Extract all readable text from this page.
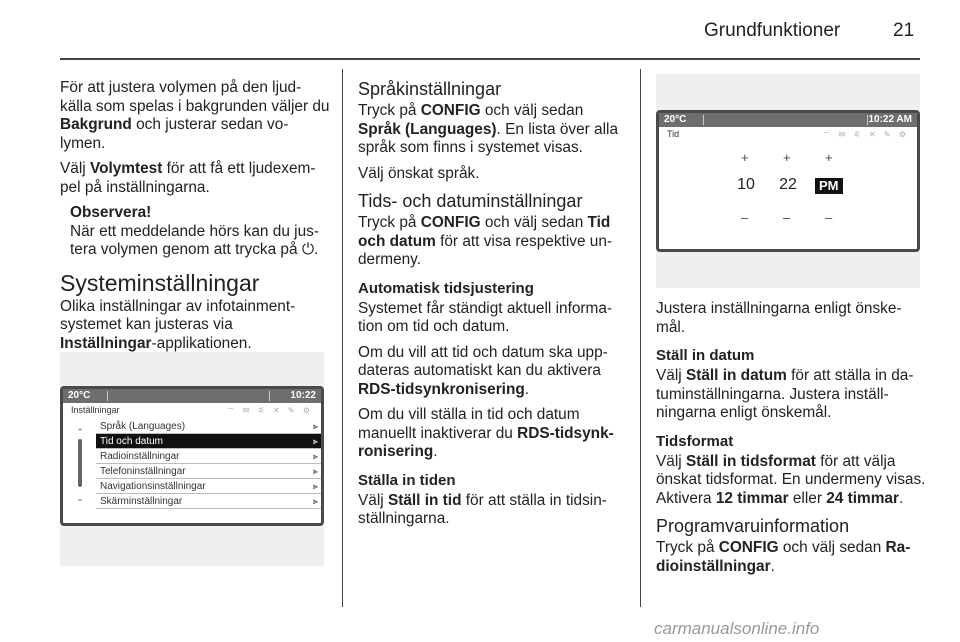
Grundfunktioner	21

För att justera volymen på den ljud-källa som spelas i bakgrunden väljer du Bakgrund och justerar sedan vo-lymen.

Välj Volymtest för att få ett ljudexem-pel på inställningarna.

Observera!
När ett meddelande hörs kan du jus-tera volymen genom att trycka på ⏻.
Systeminställningar

Olika inställningar av infotainment-systemet kan justeras via Inställningar-applikationen.

20°C	10:22
Inställningar	⌔ ✉ ⚟ ✕ ✎ ⚙
⌃
⌄
Språk (Languages)	⫸
Tid och datum	⫸
Radioinställningar	⫸
Telefoninställningar	⫸
Navigationsinställningar	⫸
Skärminställningar	⫸
Språkinställningar

Tryck på CONFIG och välj sedan Språk (Languages). En lista över alla språk som finns i systemet visas.

Välj önskat språk.

Tids- och datuminställningar

Tryck på CONFIG och välj sedan Tid och datum för att visa respektive un-dermeny.

Automatisk tidsjustering

Systemet får ständigt aktuell informa-tion om tid och datum.

Om du vill att tid och datum ska upp-dateras automatiskt kan du aktivera RDS-tidsynkronisering.

Om du vill ställa in tid och datum manuellt inaktiverar du RDS-tidsynk-ronisering.

Ställa in tiden

Välj Ställ in tid för att ställa in tidsin-ställningarna.

20°C	10:22 AM
Tid	⌔ ✉ ⚟ ✕ ✎ ⚙
+	+	+
10	22	PM
–	–	–

Justera inställningarna enligt önske-mål.

Ställ in datum

Välj Ställ in datum för att ställa in da-tuminställningarna. Justera inställ-ningarna enligt önskemål.

Tidsformat

Välj Ställ in tidsformat för att välja önskat tidsformat. En undermeny visas. Aktivera 12 timmar eller 24 timmar.

Programvaruinformation

Tryck på CONFIG och välj sedan Ra-dioinställningar.

carmanualsonline.info
